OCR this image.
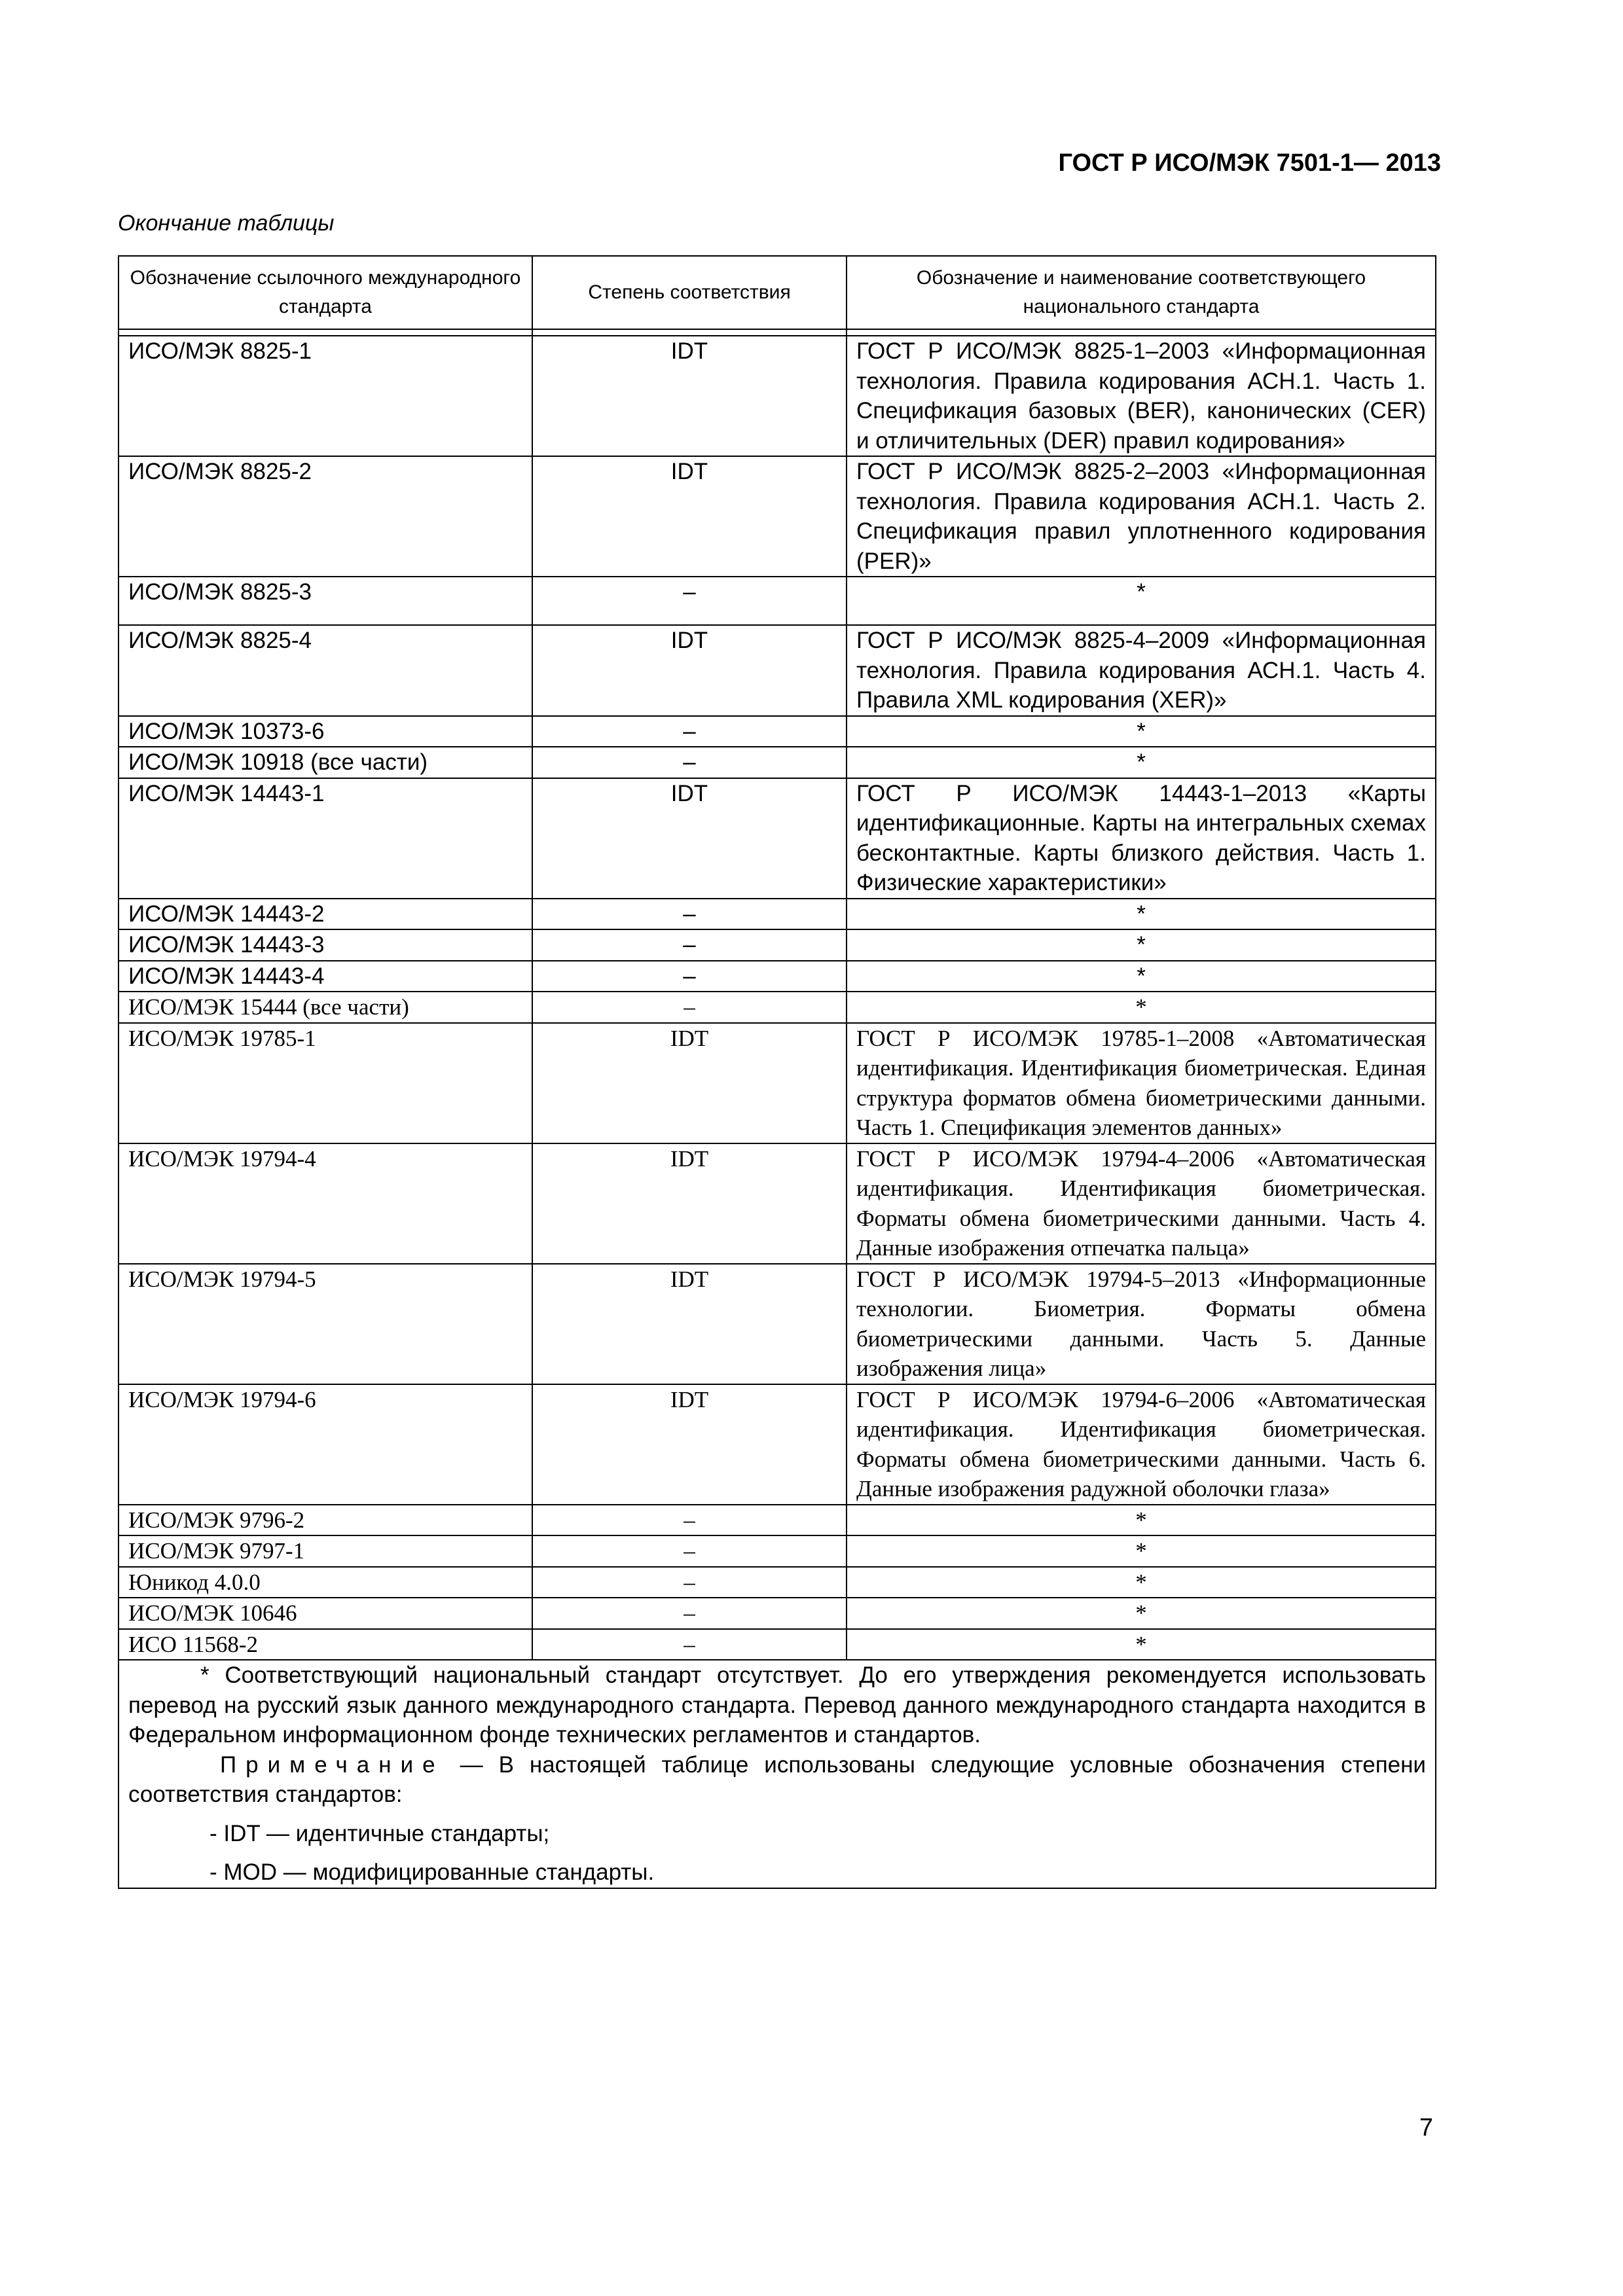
ГОСТ Р ИСО/МЭК 7501-1— 2013
Окончание таблицы
Обозначение ссылочного международного стандарта	Степень соответствия	Обозначение и наименование соответствующего национального стандарта

ИСО/МЭК 8825-1	IDT	ГОСТ Р ИСО/МЭК 8825-1–2003 «Информационная технология. Правила кодирования АСН.1. Часть 1. Спецификация базовых (BER), канонических (CER) и отличительных (DER) правил кодирования»
ИСО/МЭК 8825-2	IDT	ГОСТ Р ИСО/МЭК 8825-2–2003 «Информационная технология. Правила кодирования АСН.1. Часть 2. Спецификация правил уплотненного кодирования (PER)»
ИСО/МЭК 8825-3	–	*
ИСО/МЭК 8825-4	IDT	ГОСТ Р ИСО/МЭК 8825-4–2009 «Информационная технология. Правила кодирования АСН.1. Часть 4. Правила XML кодирования (XER)»
ИСО/МЭК 10373-6	–	*
ИСО/МЭК 10918 (все части)	–	*
ИСО/МЭК 14443-1	IDT	ГОСТ Р ИСО/МЭК 14443-1–2013 «Карты идентификационные. Карты на интегральных схемах бесконтактные. Карты близкого действия. Часть 1. Физические характеристики»
ИСО/МЭК 14443-2	–	*
ИСО/МЭК 14443-3	–	*
ИСО/МЭК 14443-4	–	*
ИСО/МЭК 15444 (все части)	–	*
ИСО/МЭК 19785-1	IDT	ГОСТ Р ИСО/МЭК 19785-1–2008 «Автоматическая идентификация. Идентификация биометрическая. Единая структура форматов обмена биометрическими данными. Часть 1. Спецификация элементов данных»
ИСО/МЭК 19794-4	IDT	ГОСТ Р ИСО/МЭК 19794-4–2006 «Автоматическая идентификация. Идентификация биометрическая. Форматы обмена биометрическими данными. Часть 4. Данные изображения отпечатка пальца»
ИСО/МЭК 19794-5	IDT	ГОСТ Р ИСО/МЭК 19794-5–2013 «Информационные технологии. Биометрия. Форматы обмена биометрическими данными. Часть 5. Данные изображения лица»
ИСО/МЭК 19794-6	IDT	ГОСТ Р ИСО/МЭК 19794-6–2006 «Автоматическая идентификация. Идентификация биометрическая. Форматы обмена биометрическими данными. Часть 6. Данные изображения радужной оболочки глаза»
ИСО/МЭК 9796-2	–	*
ИСО/МЭК 9797-1	–	*
Юникод 4.0.0	–	*
ИСО/МЭК 10646	–	*
ИСО 11568-2	–	*

* Соответствующий национальный стандарт отсутствует. До его утверждения рекомендуется использовать перевод на русский язык данного международного стандарта. Перевод данного международного стандарта находится в Федеральном информационном фонде технических регламентов и стандартов.

Примечание — В настоящей таблице использованы следующие условные обозначения степени соответствия стандартов:

- IDT — идентичные стандарты;
- MOD — модифицированные стандарты.		
7
